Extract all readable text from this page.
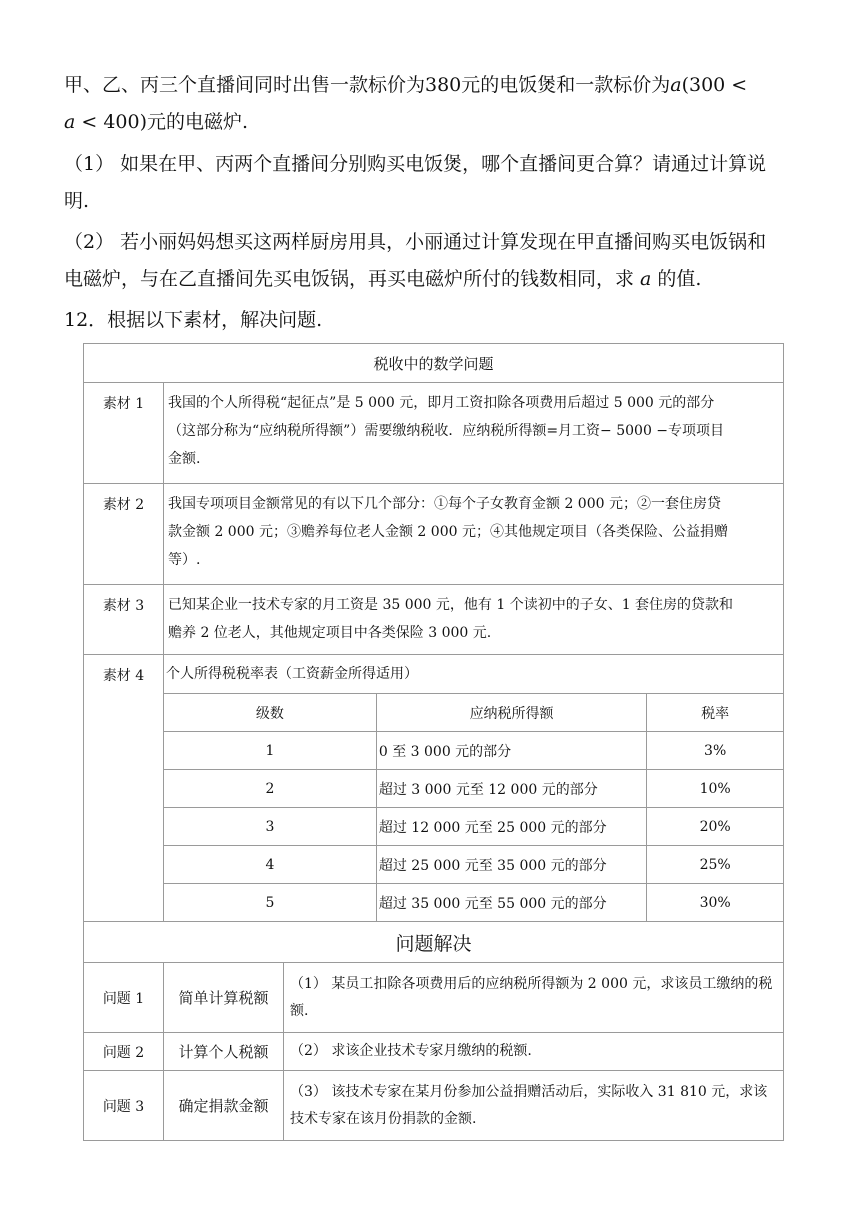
甲、乙、丙三个直播间同时出售一款标价为380元的电饭煲和一款标价为𝑎(300 <
𝑎 < 400)元的电磁炉.
（1） 如果在甲、丙两个直播间分别购买电饭煲，哪个直播间更合算？请通过计算说
明.
（2） 若小丽妈妈想买这两样厨房用具，小丽通过计算发现在甲直播间购买电饭锅和
电磁炉，与在乙直播间先买电饭锅，再买电磁炉所付的钱数相同，求 𝑎 的值.
12．根据以下素材，解决问题.
税收中的数学问题
素材 1	我国的个人所得税“起征点”是 5 000 元，即月工资扣除各项费用后超过 5 000 元的部分

（这部分称为“应纳税所得额”）需要缴纳税收．应纳税所得额=月工资− 5000 −专项项目

金额.

素材 2	我国专项项目金额常见的有以下几个部分：①每个子女教育金额 2 000 元；②一套住房贷

款金额 2 000 元；③赡养每位老人金额 2 000 元；④其他规定项目（各类保险、公益捐赠

等）.

素材 3	已知某企业一技术专家的月工资是 35 000 元，他有 1 个读初中的子女、1 套住房的贷款和

赡养 2 位老人，其他规定项目中各类保险 3 000 元.

素材 4	个人所得税税率表（工资薪金所得适用）
级数	应纳税所得额	税率
1	0 至 3 000 元的部分	3%
2	超过 3 000 元至 12 000 元的部分	10%
3	超过 12 000 元至 25 000 元的部分	20%
4	超过 25 000 元至 35 000 元的部分	25%
5	超过 35 000 元至 55 000 元的部分	30%

问题解决
问题 1	简单计算税额	（1） 某员工扣除各项费用后的应纳税所得额为 2 000 元，求该员工缴纳的税额.
问题 2	计算个人税额	（2） 求该企业技术专家月缴纳的税额.
问题 3	确定捐款金额	（3） 该技术专家在某月份参加公益捐赠活动后，实际收入 31 810 元，求该技术专家在该月份捐款的金额.
